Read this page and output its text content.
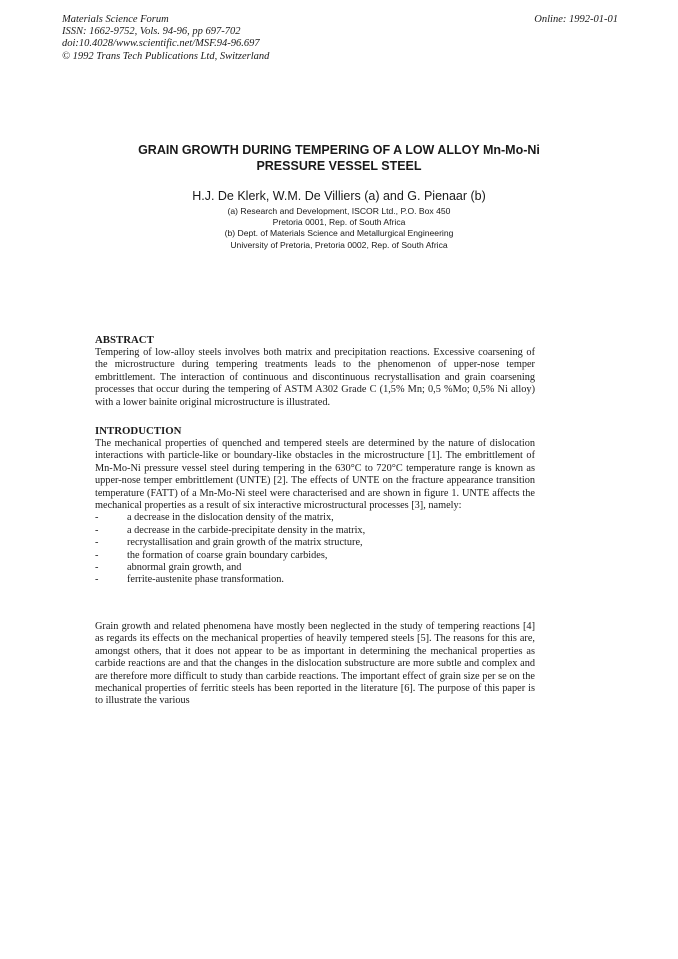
Materials Science Forum
ISSN: 1662-9752, Vols. 94-96, pp 697-702
doi:10.4028/www.scientific.net/MSF.94-96.697
© 1992 Trans Tech Publications Ltd, Switzerland
Online: 1992-01-01
GRAIN GROWTH DURING TEMPERING OF A LOW ALLOY Mn-Mo-Ni
PRESSURE VESSEL STEEL
H.J. De Klerk, W.M. De Villiers (a) and G. Pienaar (b)
(a) Research and Development, ISCOR Ltd., P.O. Box 450
Pretoria 0001, Rep. of South Africa
(b) Dept. of Materials Science and Metallurgical Engineering
University of Pretoria, Pretoria 0002, Rep. of South Africa
ABSTRACT

Tempering of low-alloy steels involves both matrix and precipitation reactions. Excessive coarsening of the microstructure during tempering treatments leads to the phenomenon of upper-nose temper embrittlement. The interaction of continuous and discontinuous recrystallisation and grain coarsening processes that occur during the tempering of ASTM A302 Grade C (1,5% Mn; 0,5 %Mo; 0,5% Ni alloy) with a lower bainite original microstructure is illustrated.

INTRODUCTION

The mechanical properties of quenched and tempered steels are determined by the nature of dislocation interactions with particle-like or boundary-like obstacles in the microstructure [1]. The embrittlement of Mn-Mo-Ni pressure vessel steel during tempering in the 630°C to 720°C temperature range is known as upper-nose temper embrittlement (UNTE) [2]. The effects of UNTE on the fracture appearance transition temperature (FATT) of a Mn-Mo-Ni steel were characterised and are shown in figure 1. UNTE affects the mechanical properties as a result of six interactive microstructural processes [3], namely:

-	a decrease in the dislocation density of the matrix,
-	a decrease in the carbide-precipitate density in the matrix,
-	recrystallisation and grain growth of the matrix structure,
-	the formation of coarse grain boundary carbides,
-	abnormal grain growth, and
-	ferrite-austenite phase transformation.

Grain growth and related phenomena have mostly been neglected in the study of tempering reactions [4] as regards its effects on the mechanical properties of heavily tempered steels [5]. The reasons for this are, amongst others, that it does not appear to be as important in determining the mechanical properties as carbide reactions are and that the changes in the dislocation substructure are more subtle and complex and are therefore more difficult to study than carbide reactions. The important effect of grain size per se on the mechanical properties of ferritic steels has been reported in the literature [6]. The purpose of this paper is to illustrate the various
